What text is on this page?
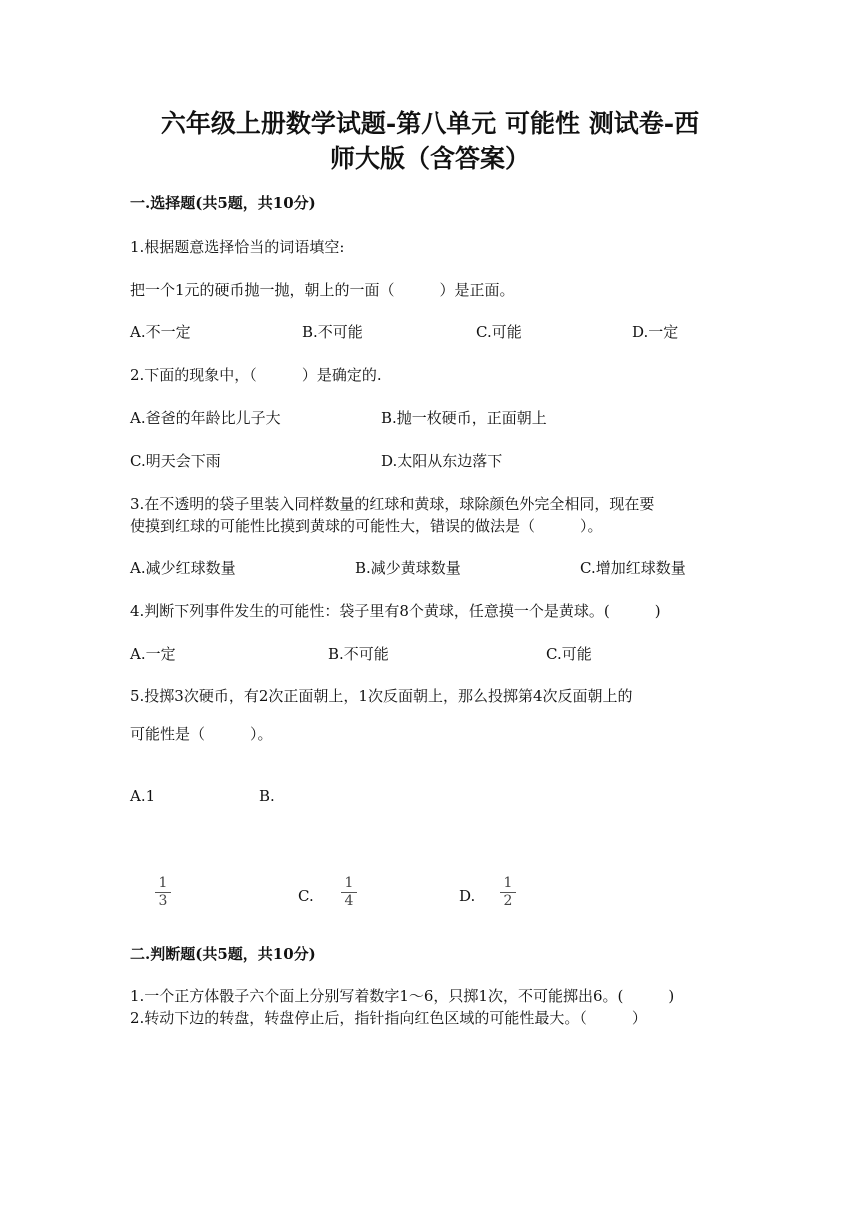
六年级上册数学试题-第八单元 可能性 测试卷-西
师大版（含答案）
一.选择题(共5题，共10分)
1.根据题意选择恰当的词语填空:
把一个1元的硬币抛一抛，朝上的一面（　　　）是正面。
A.不一定	B.不可能	C.可能	D.一定
2.下面的现象中，（　　　）是确定的.
A.爸爸的年龄比儿子大	B.抛一枚硬币，正面朝上
C.明天会下雨	D.太阳从东边落下
3.在不透明的袋子里装入同样数量的红球和黄球，球除颜色外完全相同，现在要
使摸到红球的可能性比摸到黄球的可能性大，错误的做法是（　　　）。
A.减少红球数量	B.减少黄球数量	C.增加红球数量
4.判断下列事件发生的可能性：袋子里有8个黄球，任意摸一个是黄球。(　　　)
A.一定	B.不可能	C.可能
5.投掷3次硬币，有2次正面朝上，1次反面朝上，那么投掷第4次反面朝上的
可能性是（　　　）。
A.1	B.
1
3	C.
1
4	D.
1
2
二.判断题(共5题，共10分)
1.一个正方体骰子六个面上分别写着数字1～6，只掷1次，不可能掷出6。(　　　)
2.转动下边的转盘，转盘停止后，指针指向红色区域的可能性最大。（　　　）
